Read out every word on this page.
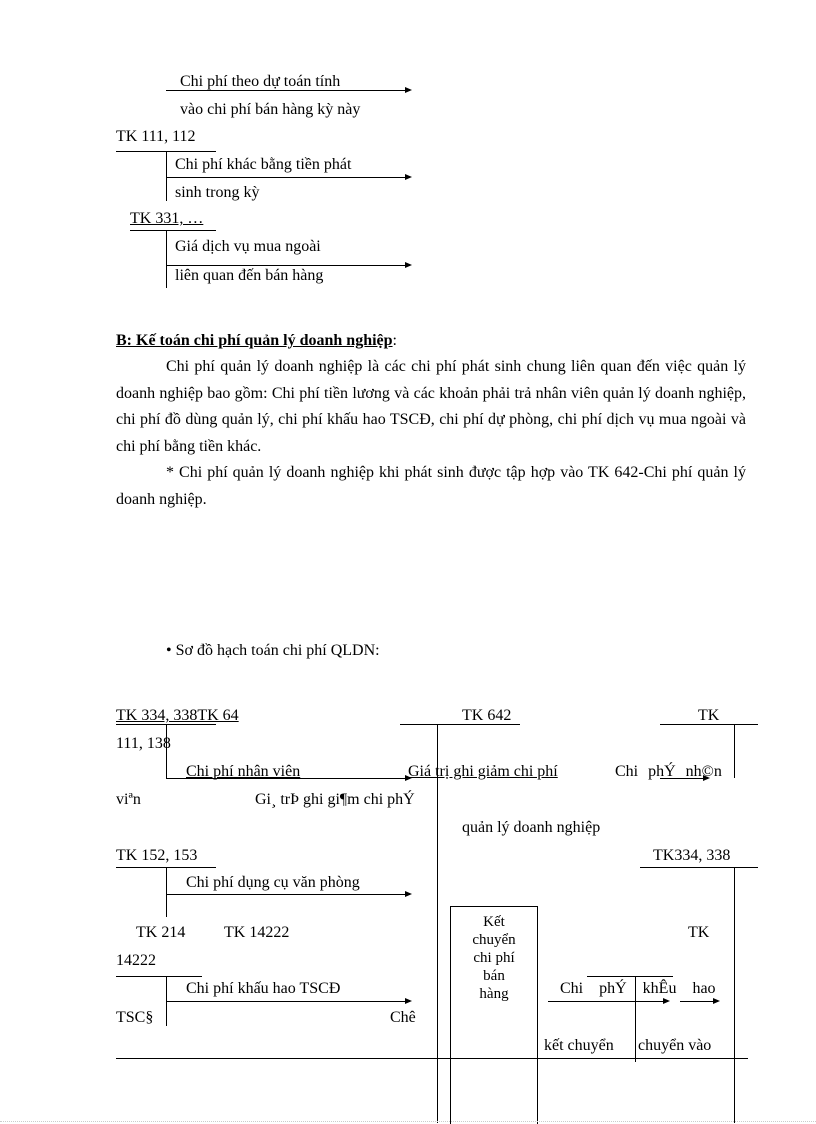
Chi phí theo dự toán tính
vào chi phí bán hàng kỳ này
TK 111, 112
Chi phí khác bằng tiền phát
sinh trong kỳ
TK 331, …
Giá dịch vụ mua ngoài
liên quan đến bán hàng
B: Kế toán chi phí quản lý doanh nghiệp:
Chi phí quản lý doanh nghiệp là các chi phí phát sinh chung liên quan đến việc quản lý doanh nghiệp bao gồm: Chi phí tiền lương và các khoản phải trả nhân viên quản lý doanh nghiệp, chi phí đồ dùng quản lý, chi phí khấu hao TSCĐ, chi phí dự phòng, chi phí dịch vụ mua ngoài và chi phí bằng tiền khác.
* Chi phí quản lý doanh nghiệp khi phát sinh được tập hợp vào TK 642-Chi phí quản lý doanh nghiệp.
• Sơ đồ hạch toán chi phí QLDN:
TK 334, 338TK 64
111, 138
TK 642	TK
Chi phí nhân viên	Giá trị ghi giảm chi phí	Chi phÝ nh©n
viªn	Gi¸ trÞ ghi gi¶m chi phÝ
quản lý doanh nghiệp
TK 152, 153	TK334, 338
Chi phí dụng cụ văn phòng
Kết
chuyển
chi phí
bán
hàng
TK 214 TK 14222	TK
14222
Chi phí khấu hao TSCĐ	Chi phÝ khÊu hao
TSC§	Chê
kết chuyển chuyển vào
